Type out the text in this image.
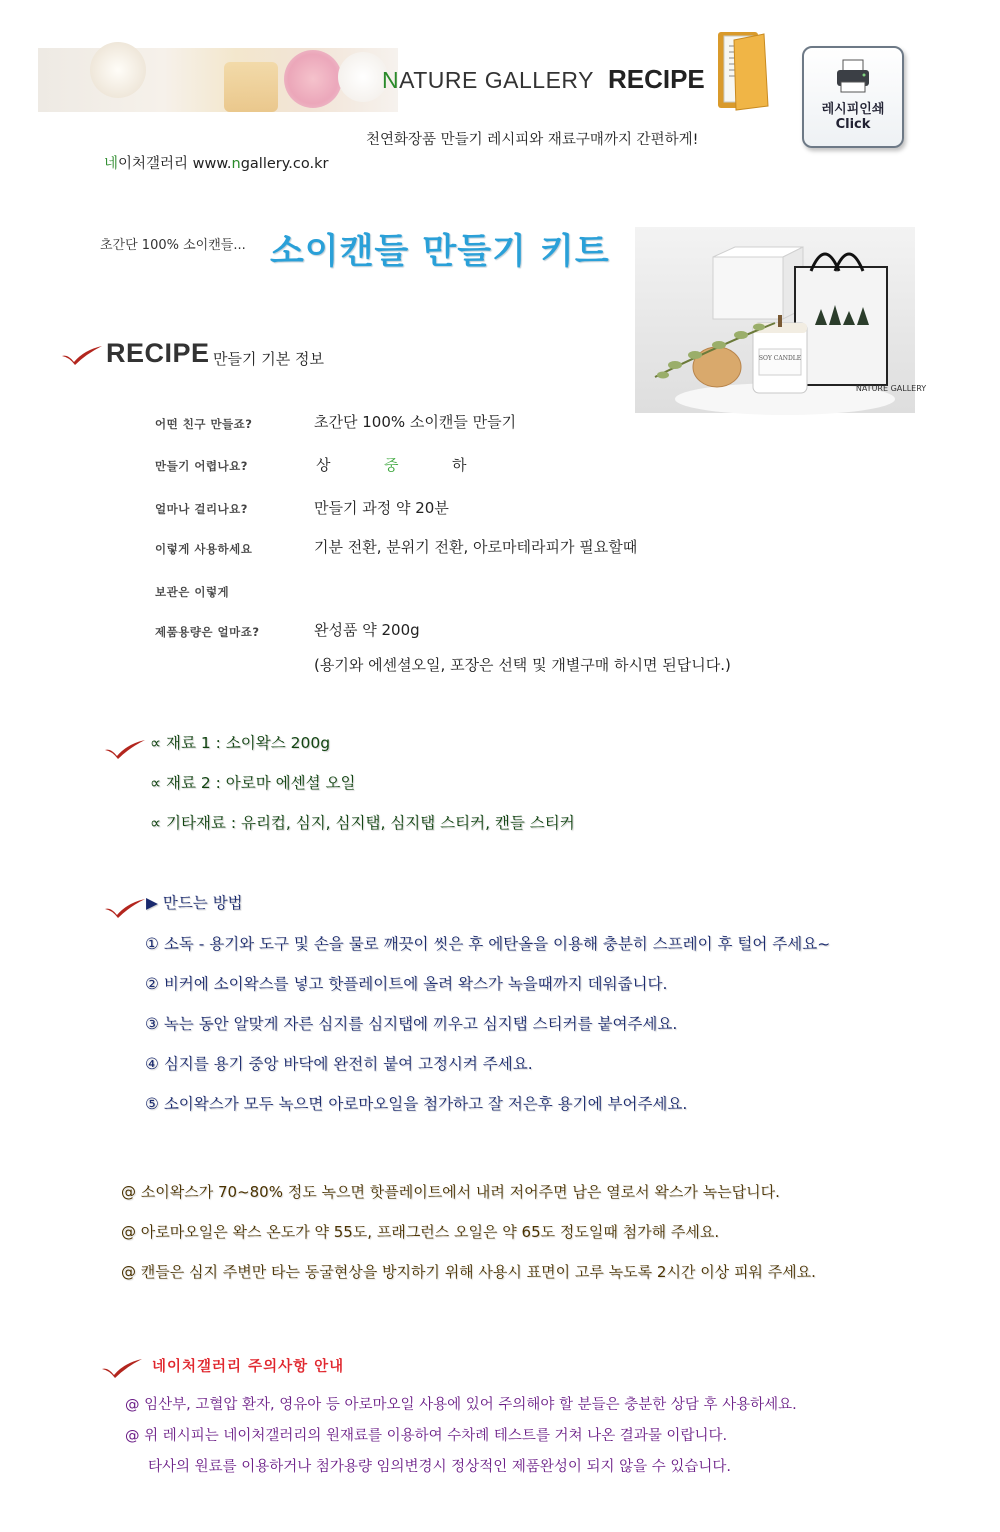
NATURE GALLERY RECIPE
레시피인쇄
Click
천연화장품 만들기 레시피와 재료구매까지 간편하게!
네이처갤러리 www.ngallery.co.kr
초간단 100% 소이캔들... 소이캔들 만들기 키트
SOY CANDLE
NATURE GALLERY
RECIPE 만들기 기본 정보
어떤 친구 만들죠?	초간단 100% 소이캔들 만들기
만들기 어렵나요?	상	중	하
얼마나 걸리나요?	만들기 과정 약 20분
이렇게 사용하세요	기분 전환, 분위기 전환, 아로마테라피가 필요할때
보관은 이렇게
제품용량은 얼마죠?	완성품 약 200g
(용기와 에센셜오일, 포장은 선택 및 개별구매 하시면 된답니다.)
∝ 재료 1 : 소이왁스 200g
∝ 재료 2 : 아로마 에센셜 오일
∝ 기타재료 : 유리컵, 심지, 심지탭, 심지탭 스티커, 캔들 스티커
▶ 만드는 방법
① 소독 - 용기와 도구 및 손을 물로 깨끗이 씻은 후 에탄올을 이용해 충분히 스프레이 후 털어 주세요~
② 비커에 소이왁스를 넣고 핫플레이트에 올려 왁스가 녹을때까지 데워줍니다.
③ 녹는 동안 알맞게 자른 심지를 심지탭에 끼우고 심지탭 스티커를 붙여주세요.
④ 심지를 용기 중앙 바닥에 완전히 붙여 고정시켜 주세요.
⑤ 소이왁스가 모두 녹으면 아로마오일을 첨가하고 잘 저은후 용기에 부어주세요.
@ 소이왁스가 70~80% 정도 녹으면 핫플레이트에서 내려 저어주면 남은 열로서 왁스가 녹는답니다.
@ 아로마오일은 왁스 온도가 약 55도, 프래그런스 오일은 약 65도 정도일때 첨가해 주세요.
@ 캔들은 심지 주변만 타는 동굴현상을 방지하기 위해 사용시 표면이 고루 녹도록 2시간 이상 피워 주세요.
네이처갤러리 주의사항 안내
@ 임산부, 고혈압 환자, 영유아 등 아로마오일 사용에 있어 주의해야 할 분들은 충분한 상담 후 사용하세요.
@ 위 레시피는 네이처갤러리의 원재료를 이용하여 수차례 테스트를 거쳐 나온 결과물 이랍니다.
타사의 원료를 이용하거나 첨가용량 임의변경시 정상적인 제품완성이 되지 않을 수 있습니다.
